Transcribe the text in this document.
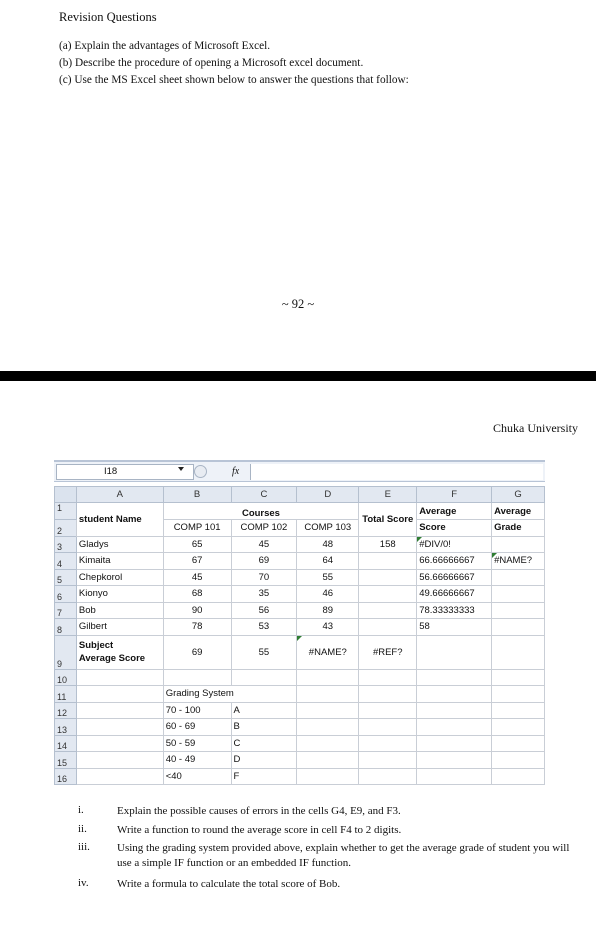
Revision Questions
(a) Explain the advantages of Microsoft Excel.
(b) Describe the procedure of opening a Microsoft excel document.
(c) Use the MS Excel sheet shown below to answer the questions that follow:
~ 92 ~
Chuka University
I18	fx
	A	B	C	D	E	F	G
1	student Name	Courses			Total Score	Average	Average
2		COMP 101	COMP 102	COMP 103		Score	Grade
3	Gladys	65	45	48	158	#DIV/0!	
4	Kimaita	67	69	64		66.66666667	#NAME?
5	Chepkorol	45	70	55		56.66666667	
6	Kionyo	68	35	46		49.66666667	
7	Bob	90	56	89		78.33333333	
8	Gilbert	78	53	43		58	
9	Subject
Average Score	69	55	#NAME?	#REF?		
10							
11		Grading System					
12		70 - 100	A				
13		60 - 69	B				
14		50 - 59	C				
15		40 - 49	D				
16		<40	F				
i.	Explain the possible causes of errors in the cells G4, E9, and F3.
ii.	Write a function to round the average score in cell F4 to 2 digits.
iii. Using the grading system provided above, explain whether to get the average grade of student you will use a simple IF function or an embedded IF function.
iv.	Write a formula to calculate the total score of Bob.
